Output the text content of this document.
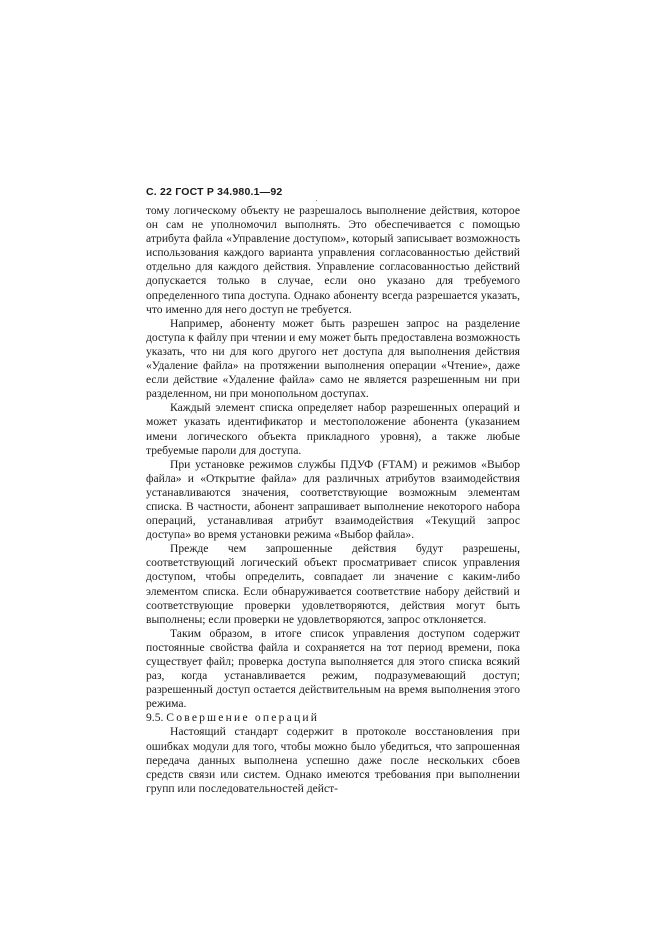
С. 22 ГОСТ Р 34.980.1—92

тому логическому объекту не разрешалось выполнение действия, которое он сам не уполномочил выполнять. Это обеспечивается с помощью атрибута файла «Управление доступом», который записывает возможность использования каждого варианта управления согласованностью действий отдельно для каждого действия. Управление согласованностью действий допускается только в случае, если оно указано для требуемого определенного типа доступа. Однако абоненту всегда разрешается указать, что именно для него доступ не требуется.

Например, абоненту может быть разрешен запрос на разделение доступа к файлу при чтении и ему может быть предоставлена возможность указать, что ни для кого другого нет доступа для выполнения действия «Удаление файла» на протяжении выполнения операции «Чтение», даже если действие «Удаление файла» само не является разрешенным ни при разделенном, ни при монопольном доступах.

Каждый элемент списка определяет набор разрешенных операций и может указать идентификатор и местоположение абонента (указанием имени логического объекта прикладного уровня), а также любые требуемые пароли для доступа.

При установке режимов службы ПДУФ (FTAM) и режимов «Выбор файла» и «Открытие файла» для различных атрибутов взаимодействия устанавливаются значения, соответствующие возможным элементам списка. В частности, абонент запрашивает выполнение некоторого набора операций, устанавливая атрибут взаимодействия «Текущий запрос доступа» во время установки режима «Выбор файла».

Прежде чем запрошенные действия будут разрешены, соответствующий логический объект просматривает список управления доступом, чтобы определить, совпадает ли значение с каким-либо элементом списка. Если обнаруживается соответствие набору действий и соответствующие проверки удовлетворяются, действия могут быть выполнены; если проверки не удовлетворяются, запрос отклоняется.

Таким образом, в итоге список управления доступом содержит постоянные свойства файла и сохраняется на тот период времени, пока существует файл; проверка доступа выполняется для этого списка всякий раз, когда устанавливается режим, подразумевающий доступ; разрешенный доступ остается действительным на время выполнения этого режима.

9.5. Совершение операций

Настоящий стандарт содержит в протоколе восстановления при ошибках модули для того, чтобы можно было убедиться, что запрошенная передача данных выполнена успешно даже после нескольких сбоев средств связи или систем. Однако имеются требования при выполнении групп или последовательностей дейст-
